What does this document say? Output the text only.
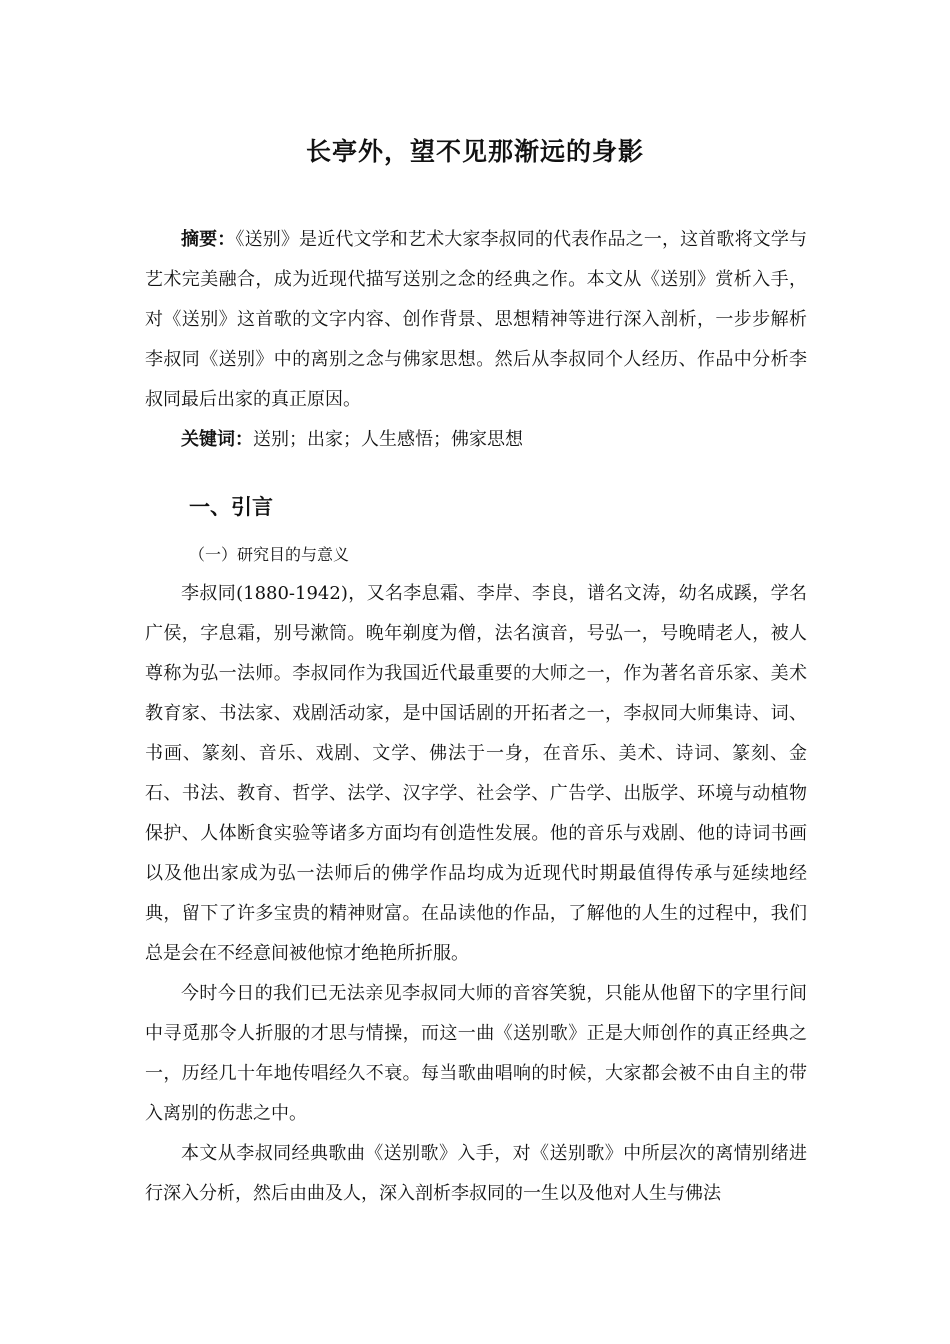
长亭外，望不见那渐远的身影

摘要：《送别》是近代文学和艺术大家李叔同的代表作品之一，这首歌将文学与艺术完美融合，成为近现代描写送别之念的经典之作。本文从《送别》赏析入手，对《送别》这首歌的文字内容、创作背景、思想精神等进行深入剖析，一步步解析李叔同《送别》中的离别之念与佛家思想。然后从李叔同个人经历、作品中分析李叔同最后出家的真正原因。

关键词：送别；出家；人生感悟；佛家思想

一、引言
（一）研究目的与意义

李叔同(1880-1942)，又名李息霜、李岸、李良，谱名文涛，幼名成蹊，学名广侯，字息霜，别号漱筒。晚年剃度为僧，法名演音，号弘一，号晚晴老人，被人尊称为弘一法师。李叔同作为我国近代最重要的大师之一，作为著名音乐家、美术教育家、书法家、戏剧活动家，是中国话剧的开拓者之一，李叔同大师集诗、词、书画、篆刻、音乐、戏剧、文学、佛法于一身，在音乐、美术、诗词、篆刻、金石、书法、教育、哲学、法学、汉字学、社会学、广告学、出版学、环境与动植物保护、人体断食实验等诸多方面均有创造性发展。他的音乐与戏剧、他的诗词书画以及他出家成为弘一法师后的佛学作品均成为近现代时期最值得传承与延续地经典，留下了许多宝贵的精神财富。在品读他的作品，了解他的人生的过程中，我们总是会在不经意间被他惊才绝艳所折服。

今时今日的我们已无法亲见李叔同大师的音容笑貌，只能从他留下的字里行间中寻觅那令人折服的才思与情操，而这一曲《送别歌》正是大师创作的真正经典之一，历经几十年地传唱经久不衰。每当歌曲唱响的时候，大家都会被不由自主的带入离别的伤悲之中。

本文从李叔同经典歌曲《送别歌》入手，对《送别歌》中所层次的离情别绪进行深入分析，然后由曲及人，深入剖析李叔同的一生以及他对人生与佛法
